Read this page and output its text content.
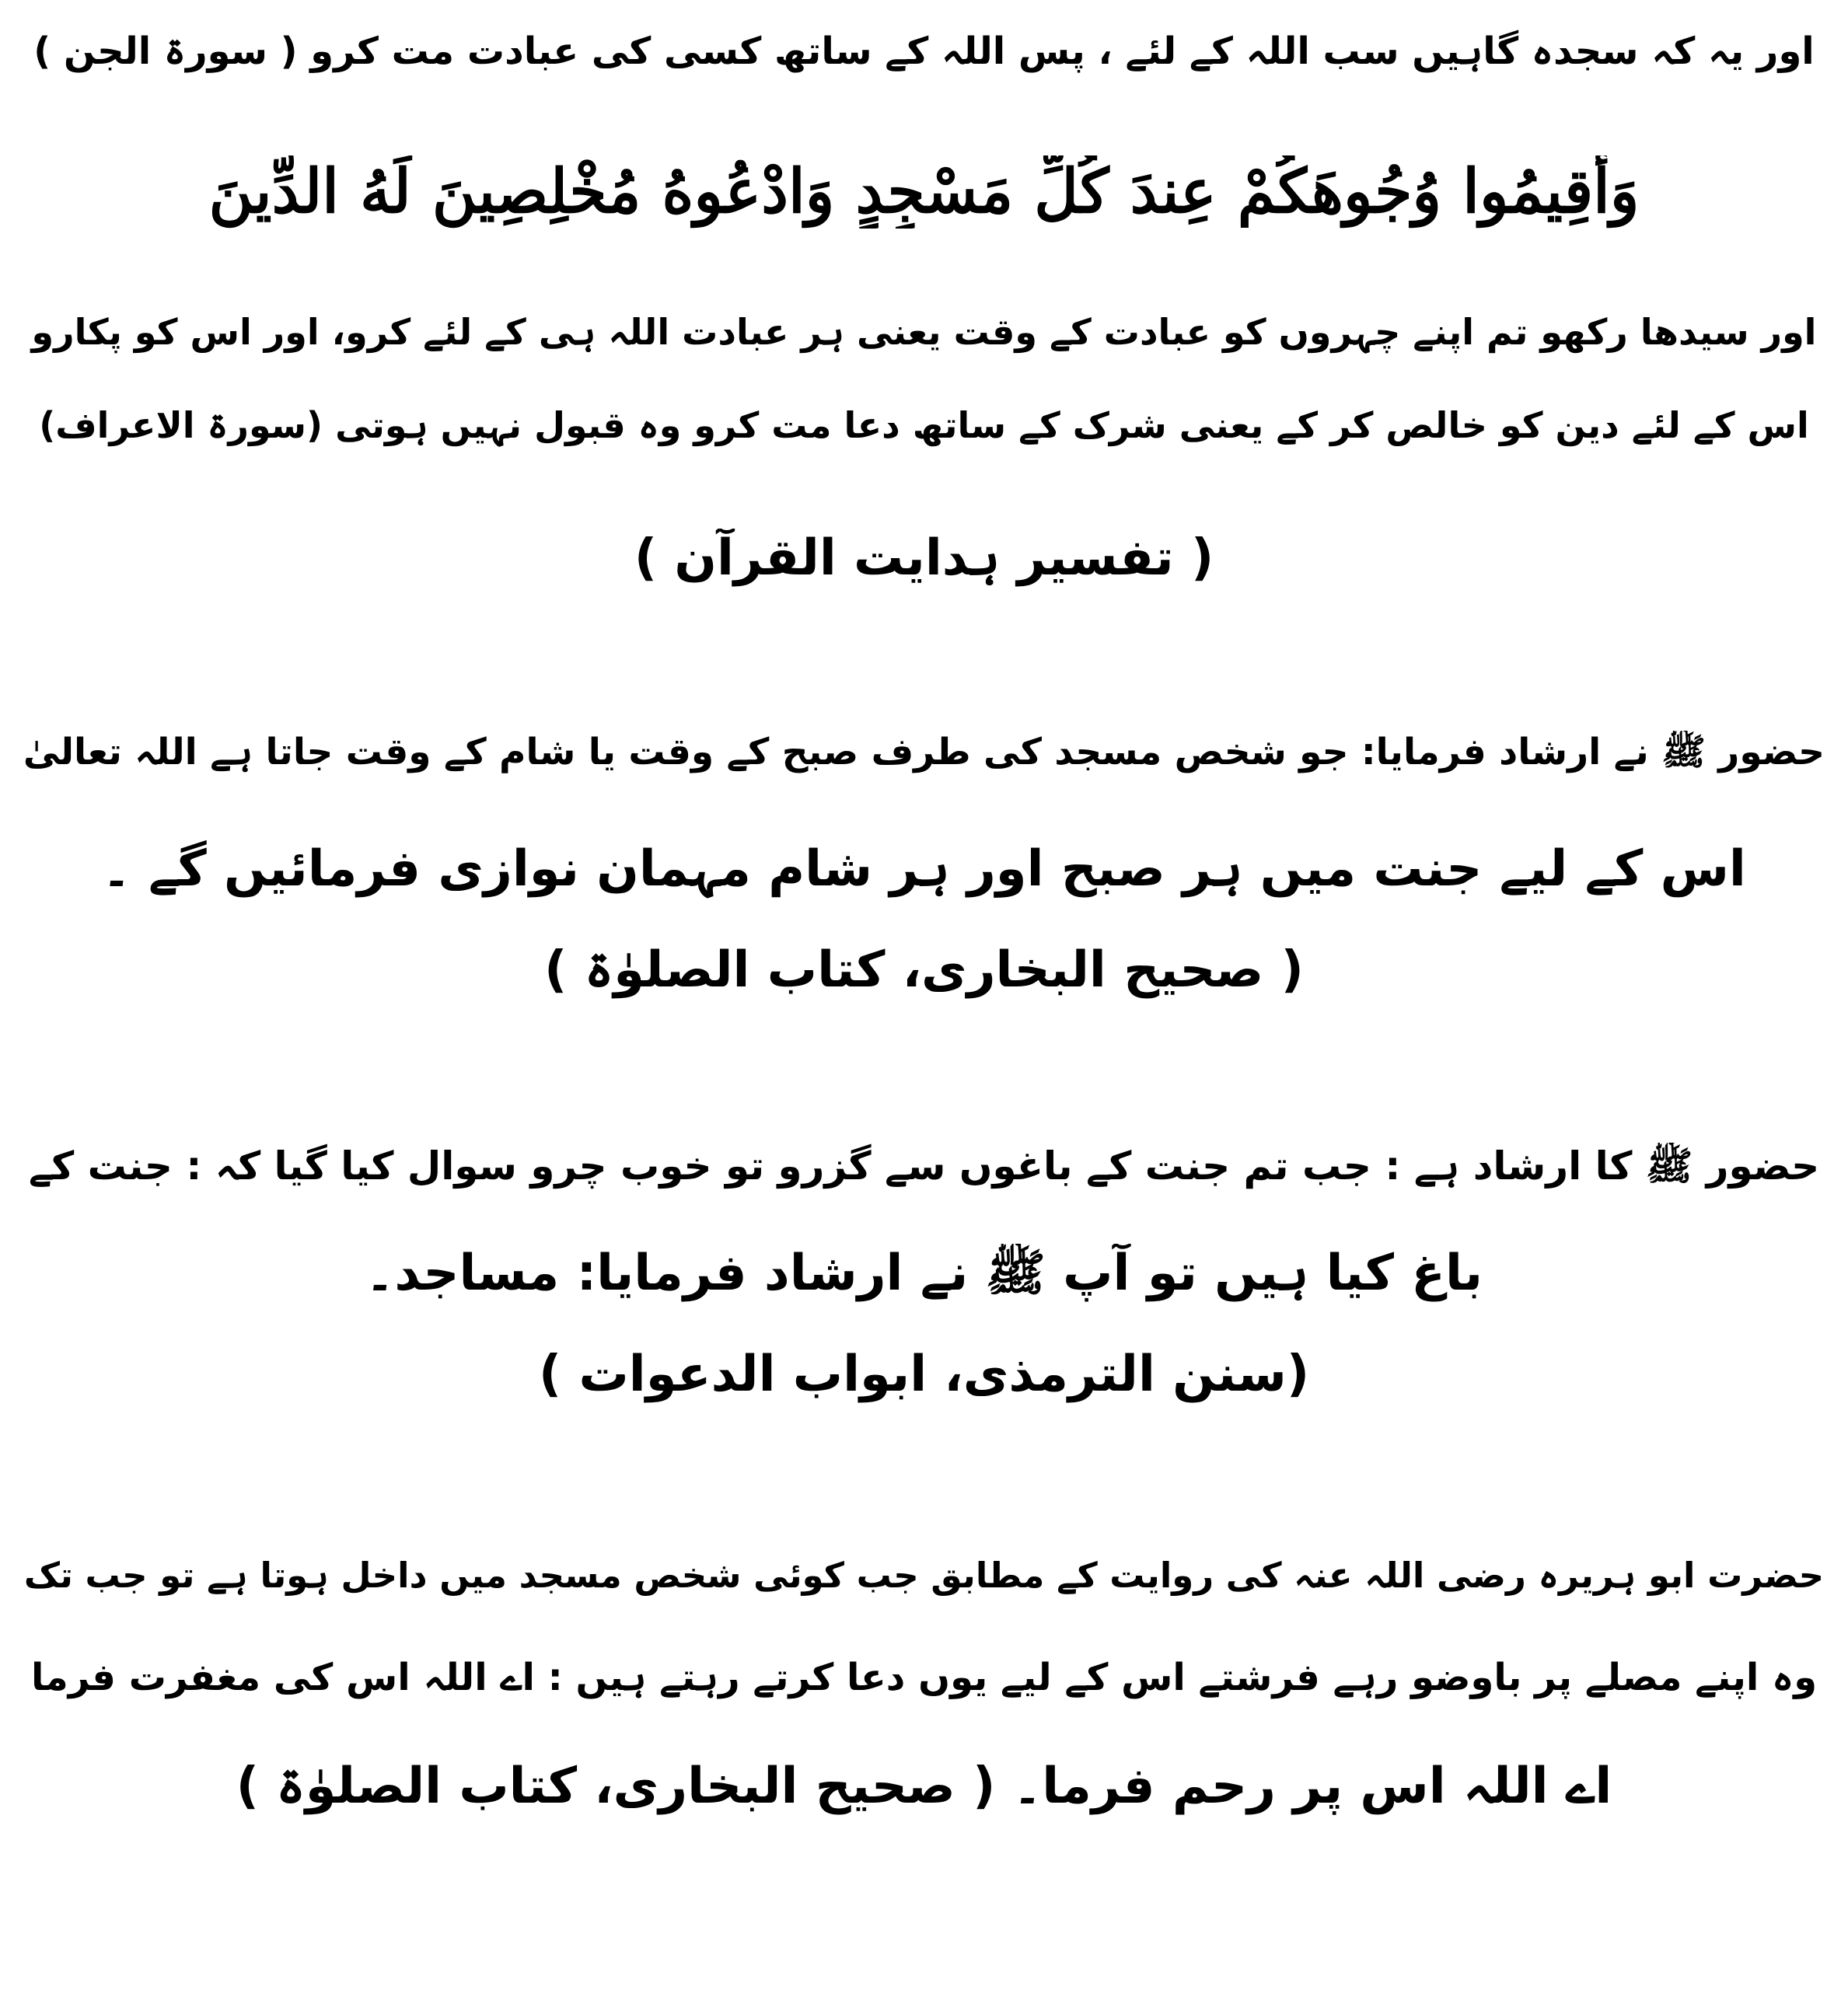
اور یہ کہ سجدہ گاہیں سب اللہ کے لئے ، پس اللہ کے ساتھ کسی کی عبادت مت کرو ( سورۃ الجن )
وَأَقِيمُوا وُجُوهَكُمْ عِندَ كُلِّ مَسْجِدٍ وَادْعُوهُ مُخْلِصِينَ لَهُ الدِّينَ
اور سیدھا رکھو تم اپنے چہروں کو عبادت کے وقت یعنی ہر عبادت اللہ ہی کے لئے کرو، اور اس کو پکارو
اس کے لئے دین کو خالص کر کے یعنی شرک کے ساتھ دعا مت کرو وہ قبول نہیں ہوتی (سورۃ الاعراف)
( تفسیر ہدایت القرآن )
حضور ﷺ نے ارشاد فرمایا: جو شخص مسجد کی طرف صبح کے وقت یا شام کے وقت جاتا ہے اللہ تعالیٰ
اس کے لیے جنت میں ہر صبح اور ہر شام مہمان نوازی فرمائیں گے ۔
( صحیح البخاری، کتاب الصلوٰۃ )
حضور ﷺ کا ارشاد ہے : جب تم جنت کے باغوں سے گزرو تو خوب چرو سوال کیا گیا کہ : جنت کے
باغ کیا ہیں تو آپ ﷺ نے ارشاد فرمایا: مساجد۔
(سنن الترمذی، ابواب الدعوات )
حضرت ابو ہریرہ رضی اللہ عنہ کی روایت کے مطابق جب کوئی شخص مسجد میں داخل ہوتا ہے تو جب تک
وہ اپنے مصلے پر باوضو رہے فرشتے اس کے لیے یوں دعا کرتے رہتے ہیں : اے اللہ اس کی مغفرت فرما
اے اللہ اس پر رحم فرما۔ ( صحیح البخاری، کتاب الصلوٰۃ )
